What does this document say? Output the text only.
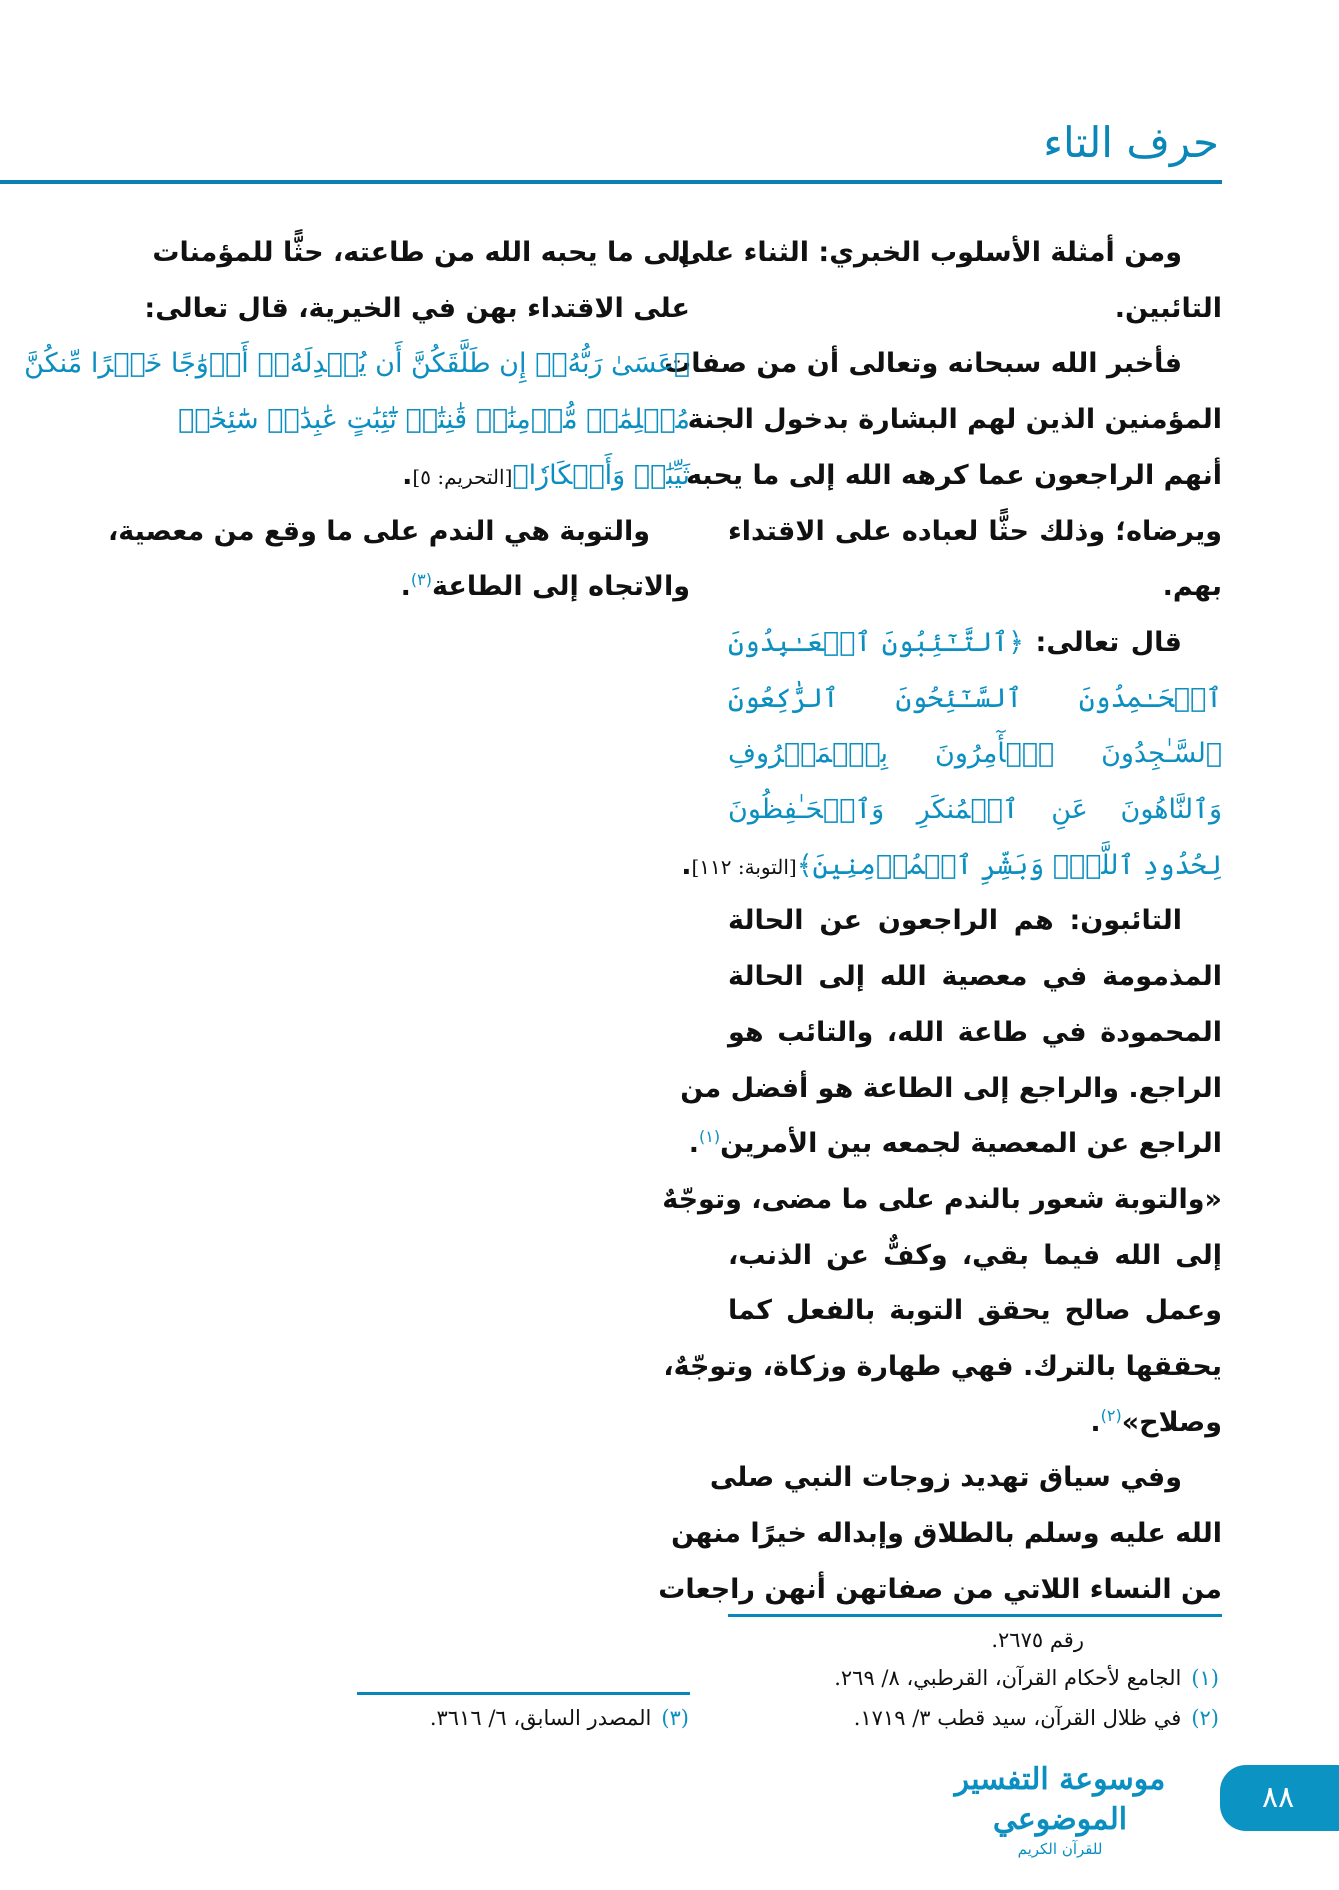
حرف التاء
ومن أمثلة الأسلوب الخبري: الثناء على
التائبين.
فأخبر الله سبحانه وتعالى أن من صفات
المؤمنين الذين لهم البشارة بدخول الجنة
أنهم الراجعون عما كرهه الله إلى ما يحبه
ويرضاه؛ وذلك حثًّا لعباده على الاقتداء
بهم.
قال تعالى: ﴿ٱلتَّـٰٓئِبُونَ ٱلۡعَـٰبِدُونَ
ٱلۡحَـٰمِدُونَ ٱلسَّـٰٓئِحُونَ ٱلرَّٰكِعُونَ
ٱلسَّـٰجِدُونَ ٱلۡأٓمِرُونَ بِٱلۡمَعۡرُوفِ
وَٱلنَّاهُونَ عَنِ ٱلۡمُنكَرِ وَٱلۡحَـٰفِظُونَ
لِحُدُودِ ٱللَّهِۗ وَبَشِّرِ ٱلۡمُؤۡمِنِينَ﴾[التوبة: ١١٢].
التائبون: هم الراجعون عن الحالة
المذمومة في معصية الله إلى الحالة
المحمودة في طاعة الله، والتائب هو
الراجع. والراجع إلى الطاعة هو أفضل من
الراجع عن المعصية لجمعه بين الأمرين$^{(١)}$.
«والتوبة شعور بالندم على ما مضى، وتوجّهٌ
إلى الله فيما بقي، وكفٌّ عن الذنب،
وعمل صالح يحقق التوبة بالفعل كما
يحققها بالترك. فهي طهارة وزكاة، وتوجّهٌ،
وصلاح»$^{(٢)}$.
وفي سياق تهديد زوجات النبي صلى
الله عليه وسلم بالطلاق وإبداله خيرًا منهن
من النساء اللاتي من صفاتهن أنهن راجعات
إلى ما يحبه الله من طاعته، حثًّا للمؤمنات
على الاقتداء بهن في الخيرية، قال تعالى:
﴿عَسَىٰ رَبُّهُۥٓ إِن طَلَّقَكُنَّ أَن يُبۡدِلَهُۥٓ أَزۡوَٰجًا خَيۡرًا مِّنكُنَّ
مُسۡلِمَٰتٖ مُّؤۡمِنَٰتٖ قَٰنِتَٰتٖ تَٰٓئِبَٰتٍ عَٰبِدَٰتٖ سَٰٓئِحَٰتٖ
ثَيِّبَٰتٖ وَأَبۡكَارٗا﴾[التحريم: ٥].
والتوبة هي الندم على ما وقع من معصية،
والاتجاه إلى الطاعة$^{(٣)}$.
رقم ٢٦٧٥.
(١)الجامع لأحكام القرآن، القرطبي، ٨/ ٢٦٩.
(٢)في ظلال القرآن، سيد قطب ٣/ ١٧١٩.
(٣)المصدر السابق، ٦/ ٣٦١٦.
موسوعة التفسير الموضوعي
للقرآن الكريم
٨٨
